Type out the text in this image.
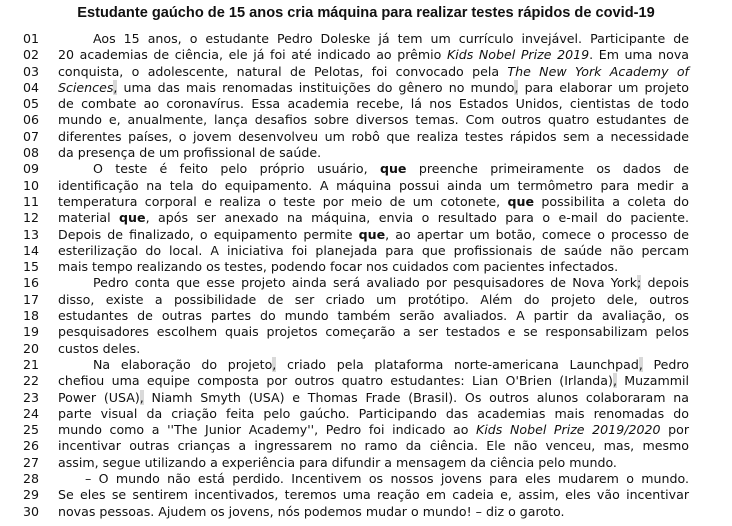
Estudante gaúcho de 15 anos cria máquina para realizar testes rápidos de covid-19
01	Aos 15 anos, o estudante Pedro Doleske já tem um currículo invejável. Participante de
02	20 academias de ciência, ele já foi até indicado ao prêmio Kids Nobel Prize 2019. Em uma nova
03	conquista, o adolescente, natural de Pelotas, foi convocado pela The New York Academy of
04	Sciences, uma das mais renomadas instituições do gênero no mundo, para elaborar um projeto
05	de combate ao coronavírus. Essa academia recebe, lá nos Estados Unidos, cientistas de todo
06	mundo e, anualmente, lança desafios sobre diversos temas. Com outros quatro estudantes de
07	diferentes países, o jovem desenvolveu um robô que realiza testes rápidos sem a necessidade
08	da presença de um profissional de saúde.
09	O teste é feito pelo próprio usuário, que preenche primeiramente os dados de
10	identificação na tela do equipamento. A máquina possui ainda um termômetro para medir a
11	temperatura corporal e realiza o teste por meio de um cotonete, que possibilita a coleta do
12	material que, após ser anexado na máquina, envia o resultado para o e-mail do paciente.
13	Depois de finalizado, o equipamento permite que, ao apertar um botão, comece o processo de
14	esterilização do local. A iniciativa foi planejada para que profissionais de saúde não percam
15	mais tempo realizando os testes, podendo focar nos cuidados com pacientes infectados.
16	Pedro conta que esse projeto ainda será avaliado por pesquisadores de Nova York; depois
17	disso, existe a possibilidade de ser criado um protótipo. Além do projeto dele, outros
18	estudantes de outras partes do mundo também serão avaliados. A partir da avaliação, os
19	pesquisadores escolhem quais projetos começarão a ser testados e se responsabilizam pelos
20	custos deles.
21	Na elaboração do projeto, criado pela plataforma norte-americana Launchpad, Pedro
22	chefiou uma equipe composta por outros quatro estudantes: Lian O'Brien (Irlanda), Muzammil
23	Power (USA), Niamh Smyth (USA) e Thomas Frade (Brasil). Os outros alunos colaboraram na
24	parte visual da criação feita pelo gaúcho. Participando das academias mais renomadas do
25	mundo como a ''The Junior Academy'', Pedro foi indicado ao Kids Nobel Prize 2019/2020 por
26	incentivar outras crianças a ingressarem no ramo da ciência. Ele não venceu, mas, mesmo
27	assim, segue utilizando a experiência para difundir a mensagem da ciência pelo mundo.
28	– O mundo não está perdido. Incentivem os nossos jovens para eles mudarem o mundo.
29	Se eles se sentirem incentivados, teremos uma reação em cadeia e, assim, eles vão incentivar
30	novas pessoas. Ajudem os jovens, nós podemos mudar o mundo! – diz o garoto.
